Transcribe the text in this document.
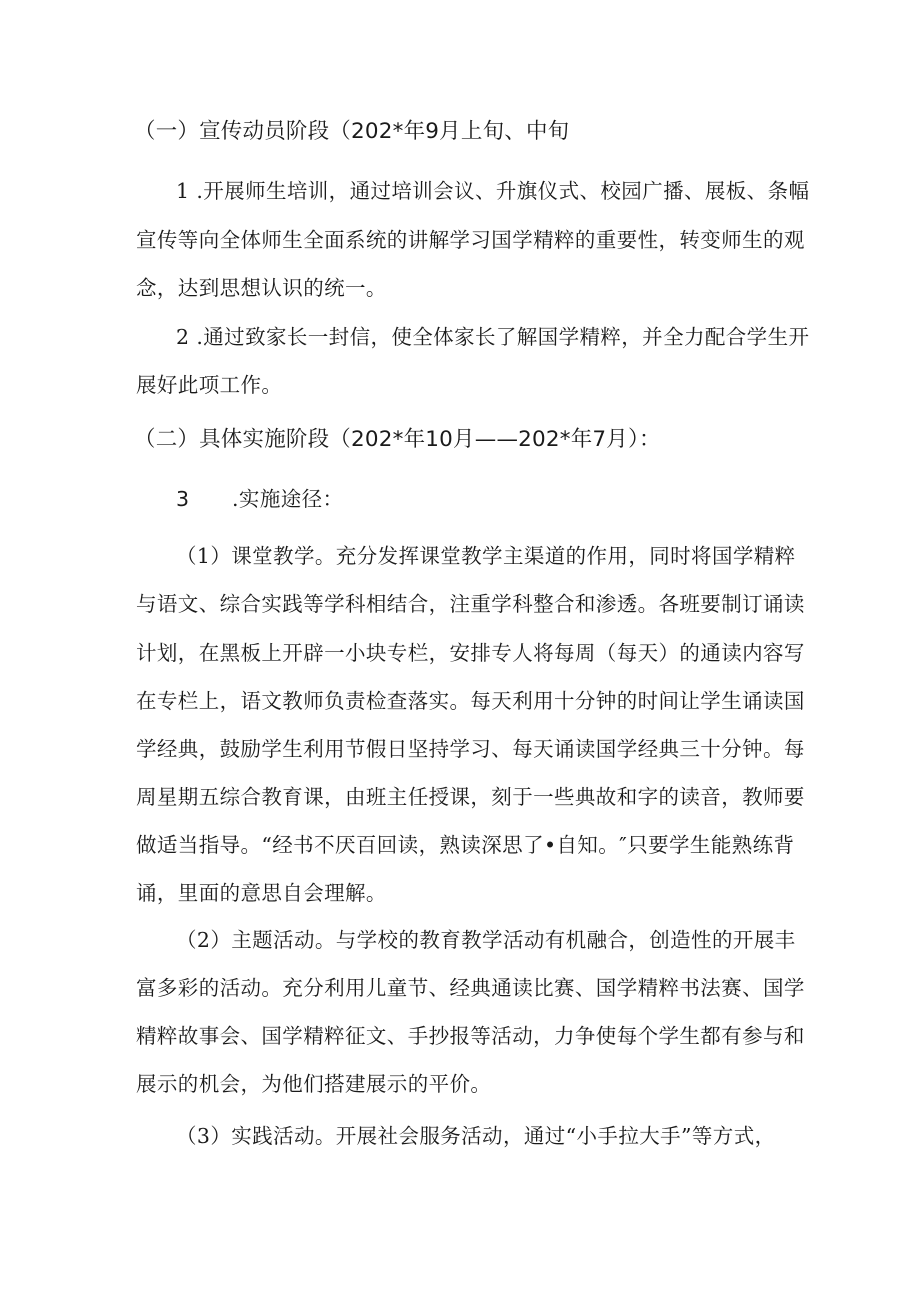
（一）宣传动员阶段（202*年9月上旬、中旬

1 .开展师生培训，通过培训会议、升旗仪式、校园广播、展板、条幅

宣传等向全体师生全面系统的讲解学习国学精粹的重要性，转变师生的观

念，达到思想认识的统一。

2 .通过致家长一封信，使全体家长了解国学精粹，并全力配合学生开

展好此项工作。

（二）具体实施阶段（202*年10月——202*年7月）：

3 .实施途径：

（1）课堂教学。充分发挥课堂教学主渠道的作用，同时将国学精粹

与语文、综合实践等学科相结合，注重学科整合和渗透。各班要制订诵读

计划，在黑板上开辟一小块专栏，安排专人将每周（每天）的通读内容写

在专栏上，语文教师负责检查落实。每天利用十分钟的时间让学生诵读国

学经典，鼓励学生利用节假日坚持学习、每天诵读国学经典三十分钟。每

周星期五综合教育课，由班主任授课，刻于一些典故和字的读音，教师要

做适当指导。“经书不厌百回读，熟读深思了•自知。″只要学生能熟练背

诵，里面的意思自会理解。

（2）主题活动。与学校的教育教学活动有机融合，创造性的开展丰

富多彩的活动。充分利用儿童节、经典通读比赛、国学精粹书法赛、国学

精粹故事会、国学精粹征文、手抄报等活动，力争使每个学生都有参与和

展示的机会，为他们搭建展示的平价。

（3）实践活动。开展社会服务活动，通过“小手拉大手”等方式，
